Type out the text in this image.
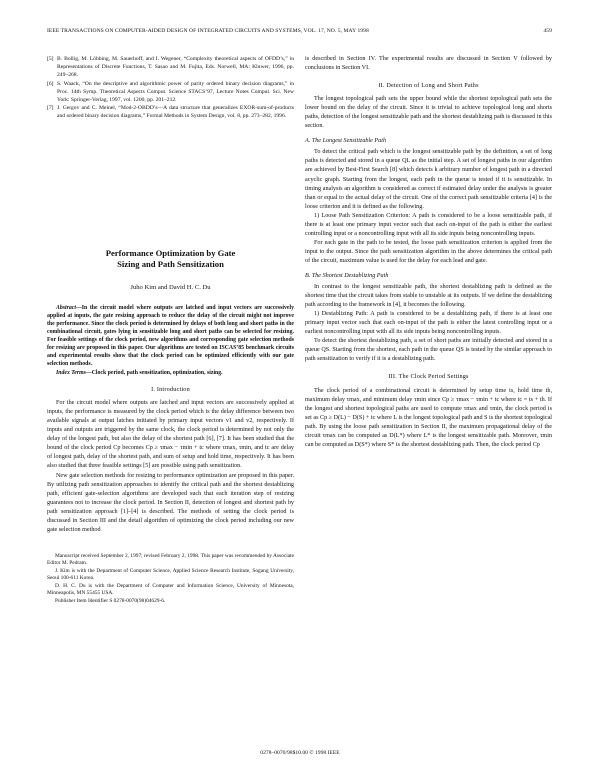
IEEE TRANSACTIONS ON COMPUTER-AIDED DESIGN OF INTEGRATED CIRCUITS AND SYSTEMS, VOL. 17, NO. 5, MAY 1998	459
[5] B. Bollig, M. Löbbing, M. Sauerhoff, and I. Wegener, “Complexity theoretical aspects of OFDD’s,” in Representations of Discrete Functions, T. Sasao and M. Fujita, Eds. Norwell, MA: Kluwer, 1996, pp. 249–268.
[6] S. Waack, “On the descriptive and algorithmic power of parity ordered binary decision diagrams,” in Proc. 14th Symp. Theoretical Aspects Comput. Science STACS’97, Lecture Notes Comput. Sci. New York: Springer-Verlag, 1997, vol. 1200, pp. 201–212.
[7] J. Gergov and C. Meinel, “Mod-2-OBDD’s—A data structure that generalizes EXOR-sum-of-products and ordered binary decision diagrams,” Formal Methods in System Design, vol. 8, pp. 273–282, 1996.
Performance Optimization by Gate
Sizing and Path Sensitization
Juho Kim and David H. C. Du
Abstract—In the circuit model where outputs are latched and input vectors are successively applied at inputs, the gate resizing approach to reduce the delay of the circuit might not improve the performance. Since the clock period is determined by delays of both long and short paths in the combinational circuit, gates lying in sensitizable long and short paths can be selected for resizing. For feasible settings of the clock period, new algorithms and corresponding gate selection methods for resizing are proposed in this paper. Our algorithms are tested on ISCAS’85 benchmark circuits and experimental results show that the clock period can be optimized efficiently with our gate selection methods.
Index Terms—Clock period, path sensitization, optimization, sizing.
I. Introduction

For the circuit model where outputs are latched and input vectors are successively applied at inputs, the performance is measured by the clock period which is the delay difference between two available signals at output latches initiated by primary input vectors v1 and v2, respectively. If inputs and outputs are triggered by the same clock, the clock period is determined by not only the delay of the longest path, but also the delay of the shortest path [6], [7]. It has been studied that the bound of the clock period Cp becomes Cp ≥ τmax − τmin + tc where τmax, τmin, and tc are delay of longest path, delay of the shortest path, and sum of setup and hold time, respectively. It has been also studied that three feasible settings [5] are possible using path sensitization.

New gate selection methods for resizing to performance optimization are proposed in this paper. By utilizing path sensitization approaches to identify the critical path and the shortest destablizing path, efficient gate-selection algorithms are developed such that each iteration step of resizing guarantees not to increase the clock period. In Section II, detection of longest and shortest path by path sensitization approach [1]–[4] is described. The methods of setting the clock period is discussed in Section III and the detail algorithm of optimizing the clock period including our new gate selection method

Manuscript received September 2, 1997; revised February 2, 1998. This paper was recommended by Associate Editor M. Pedram.

J. Kim is with the Department of Computer Science, Applied Science Research Institute, Sogang University, Seoul 100-611 Korea.

D. H. C. Du is with the Department of Computer and Information Science, University of Minnesota, Minneapolis, MN 55455 USA.

Publisher Item Identifier S 0278-0070(98)04629-6.

is described in Section IV. The experimental results are discussed in Section V followed by conclusions in Section VI.

II. Detection of Long and Short Paths

The longest topological path sets the upper bound while the shortest topological path sets the lower bound on the delay of the circuit. Since it is trivial to achieve topological long and shorts paths, detection of the longest sensitizable path and the shortest destablizing path is discussed in this section.

A. The Longest Sensitizable Path

To detect the critical path which is the longest sensitizable path by the definition, a set of long paths is detected and stored in a queue QL as the initial step. A set of longest paths in our algorithm are achieved by Best-First Search [8] which detects k arbitrary number of longest path in a directed acyclic graph. Starting from the longest, each path in the queue is tested if it is sensitizable. In timing analysis an algorithm is considered as correct if estimated delay under the analysis is greater than or equal to the actual delay of the circuit. One of the correct path sensitizable criteria [4] is the loose criterion and it is defined as the following.

1) Loose Path Sensitization Criterion: A path is considered to be a loose sensitizable path, if there is at least one primary input vector such that each on-input of the path is either the earliest controlling input or a noncontrolling input with all its side inputs being noncontrolling inputs.

For each gate in the path to be tested, the loose path sensitization criterion is applied from the input to the output. Since the path sensitization algorithm in the above determines the critical path of the circuit, maximum value is used for the delay for each lead and gate.

B. The Shortest Destablizing Path

In contrast to the longest sensitizable path, the shortest destablizing path is defined as the shortest time that the circuit takes from stable to unstable at its outputs. If we define the destablizing path according to the framework in [4], it becomes the following.

1) Destablizing Path: A path is considered to be a destablizing path, if there is at least one primary input vector such that each on-input of the path is either the latest controlling input or a earliest noncontrolling input with all its side inputs being noncontrolling inputs.

To detect the shortest destablizing path, a set of short paths are initially detected and stored in a queue QS. Starting from the shortest, each path in the queue QS is tested by the similar approach to path sensitization to verify if it is a destablizing path.

III. The Clock Period Settings

The clock period of a combinational circuit is determined by setup time ts, hold time th, maximum delay τmax, and minimum delay τmin since Cp ≥ τmax − τmin + tc where tc = ts + th. If the longest and shortest topological paths are used to compute τmax and τmin, the clock period is set as Cp ≥ D(L) − D(S) + tc where L is the longest topological path and S is the shortest topological path. By using the loose path sensitization in Section II, the maximum propagational delay of the circuit τmax can be computed as D(L*) where L* is the longest sensitizable path. Moreover, τmin can be computed as D(S*) where S* is the shortest destablizing path. Then, the clock period Cp

0278–0070/98$10.00 © 1998 IEEE
